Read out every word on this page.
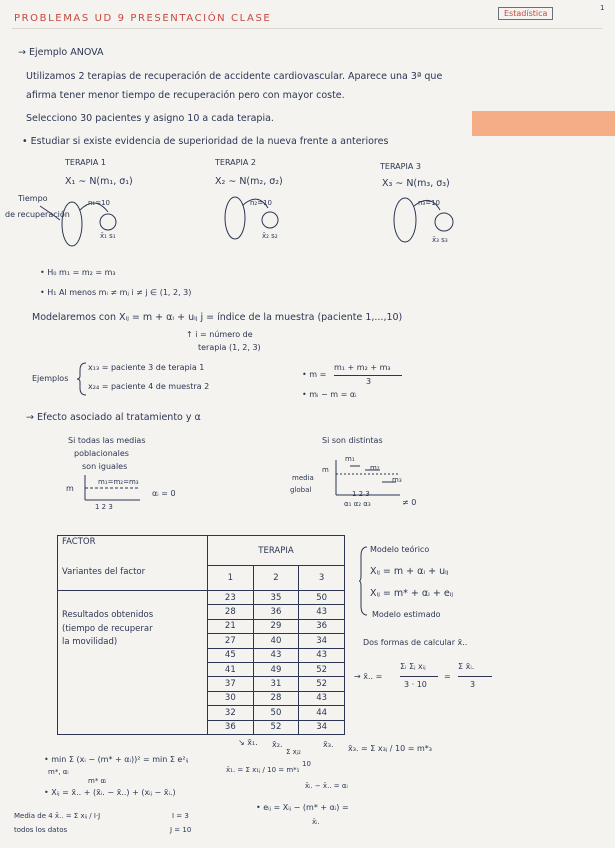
PROBLEMAS UD 9 PRESENTACIÓN CLASE	Estadística
1
→ Ejemplo ANOVA
Utilizamos 2 terapias de recuperación de accidente cardiovascular. Aparece una 3ª que
afirma tener menor tiempo de recuperación pero con mayor coste.
Selecciono 30 pacientes y asigno 10 a cada terapia.
• Estudiar si existe evidencia de superioridad de la nueva frente a anteriores
Tiempo
de recuperación
TERAPIA 1
X₁ ∼ N(m₁, σ₁)
n₁=10
x̄₁ s₁
TERAPIA 2
X₂ ∼ N(m₂, σ₂)
n₂=10
x̄₂ s₂
TERAPIA 3
X₃ ∼ N(m₃, σ₃)
n₃=10
x̄₃ s₃
• H₀ m₁ = m₂ = m₃
• H₁ Al menos mᵢ ≠ mⱼ i ≠ j ∈ (1, 2, 3)
Modelaremos con Xᵢⱼ = m + αᵢ + uᵢⱼ j = índice de la muestra (paciente 1,...,10)
↑ i = número de
terapia (1, 2, 3)
Ejemplos
x₁₃ = paciente 3 de terapia 1
x₂₄ = paciente 4 de muestra 2
• m =
m₁ + m₂ + m₃
3
• mᵢ − m = αᵢ
→ Efecto asociado al tratamiento y α
Si todas las medias
poblacionales
son iguales
m
m₁=m₂=m₃
1 2 3
αᵢ = 0
Si son distintas
m
m₁
m₂
m₃
media
global	1 2 3
α₁ α₂ α₃	≠ 0
FACTOR	TERAPIA		
Variantes del factor	1	2	3

Resultados obtenidos
(tiempo de recuperar
la movilidad)	23	35	50
	28	36	43
	21	29	36
	27	40	34
	45	43	43
	41	49	52
	37	31	52
	30	28	43
	32	50	44
	36	52	34
↘ x̄₁. x̄₂.	x̄₃.
Modelo teórico
Xᵢⱼ = m + αᵢ + uᵢⱼ
Xᵢⱼ = m* + αᵢ + eᵢⱼ
Modelo estimado
Dos formas de calcular x̄..
→ x̄.. =
Σᵢ Σⱼ xᵢⱼ
3 · 10
=
Σ x̄ᵢ.
3
Σ xⱼ₂
10
x̄₃. = Σ x₃ⱼ / 10 = m*₃
• min Σ (xᵢ − (m* + αᵢ))² = min Σ e²ᵢⱼ
m*, αᵢ	x̄₁. = Σ x₁ⱼ / 10 = m*₁
m* αᵢ
• Xᵢⱼ = x̄.. + (x̄ᵢ. − x̄..) + (xᵢⱼ − x̄ᵢ.)
x̄ᵢ. − x̄.. = αᵢ
• eᵢⱼ = Xᵢⱼ − (m* + αᵢ) =
x̄ᵢ.
Media de 4 x̄.. = Σ xᵢⱼ / I·J
todos los datos
I = 3
J = 10
